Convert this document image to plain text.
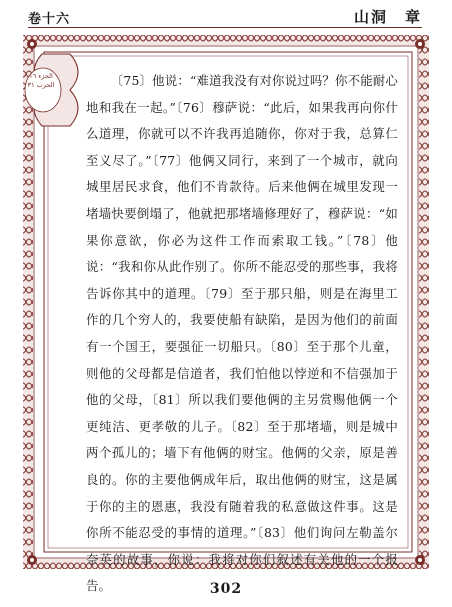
卷十六	山洞　章
الجزء ١٦
الحزب ٣١	〔75〕他说：“难道我没有对你说过吗？你不能耐心地和我在一起。”〔76〕穆萨说：“此后，如果我再向你什么道理，你就可以不许我再追随你，你对于我，总算仁至义尽了。”〔77〕他俩又同行，来到了一个城市，就向城里居民求食，他们不肯款待。后来他俩在城里发现一堵墙快要倒塌了，他就把那堵墙修理好了，穆萨说：“如果你意欲，你必为这件工作而索取工钱。”〔78〕他说：“我和你从此作别了。你所不能忍受的那些事，我将告诉你其中的道理。〔79〕至于那只船，则是在海里工作的几个穷人的，我要使船有缺陷，是因为他们的前面有一个国王，要强征一切船只。〔80〕至于那个儿童，则他的父母都是信道者，我们怕他以悖逆和不信强加于他的父母，〔81〕所以我们要他俩的主另赏赐他俩一个更纯洁、更孝敬的儿子。〔82〕至于那堵墙，则是城中两个孤儿的；墙下有他俩的财宝。他俩的父亲，原是善良的。你的主要他俩成年后，取出他俩的财宝，这是属于你的主的恩惠，我没有随着我的私意做这件事。这是你所不能忍受的事情的道理。”〔83〕他们询问左勒盖尔奈英的故事，你说：我将对你们叙述有关他的一个报告。	302
